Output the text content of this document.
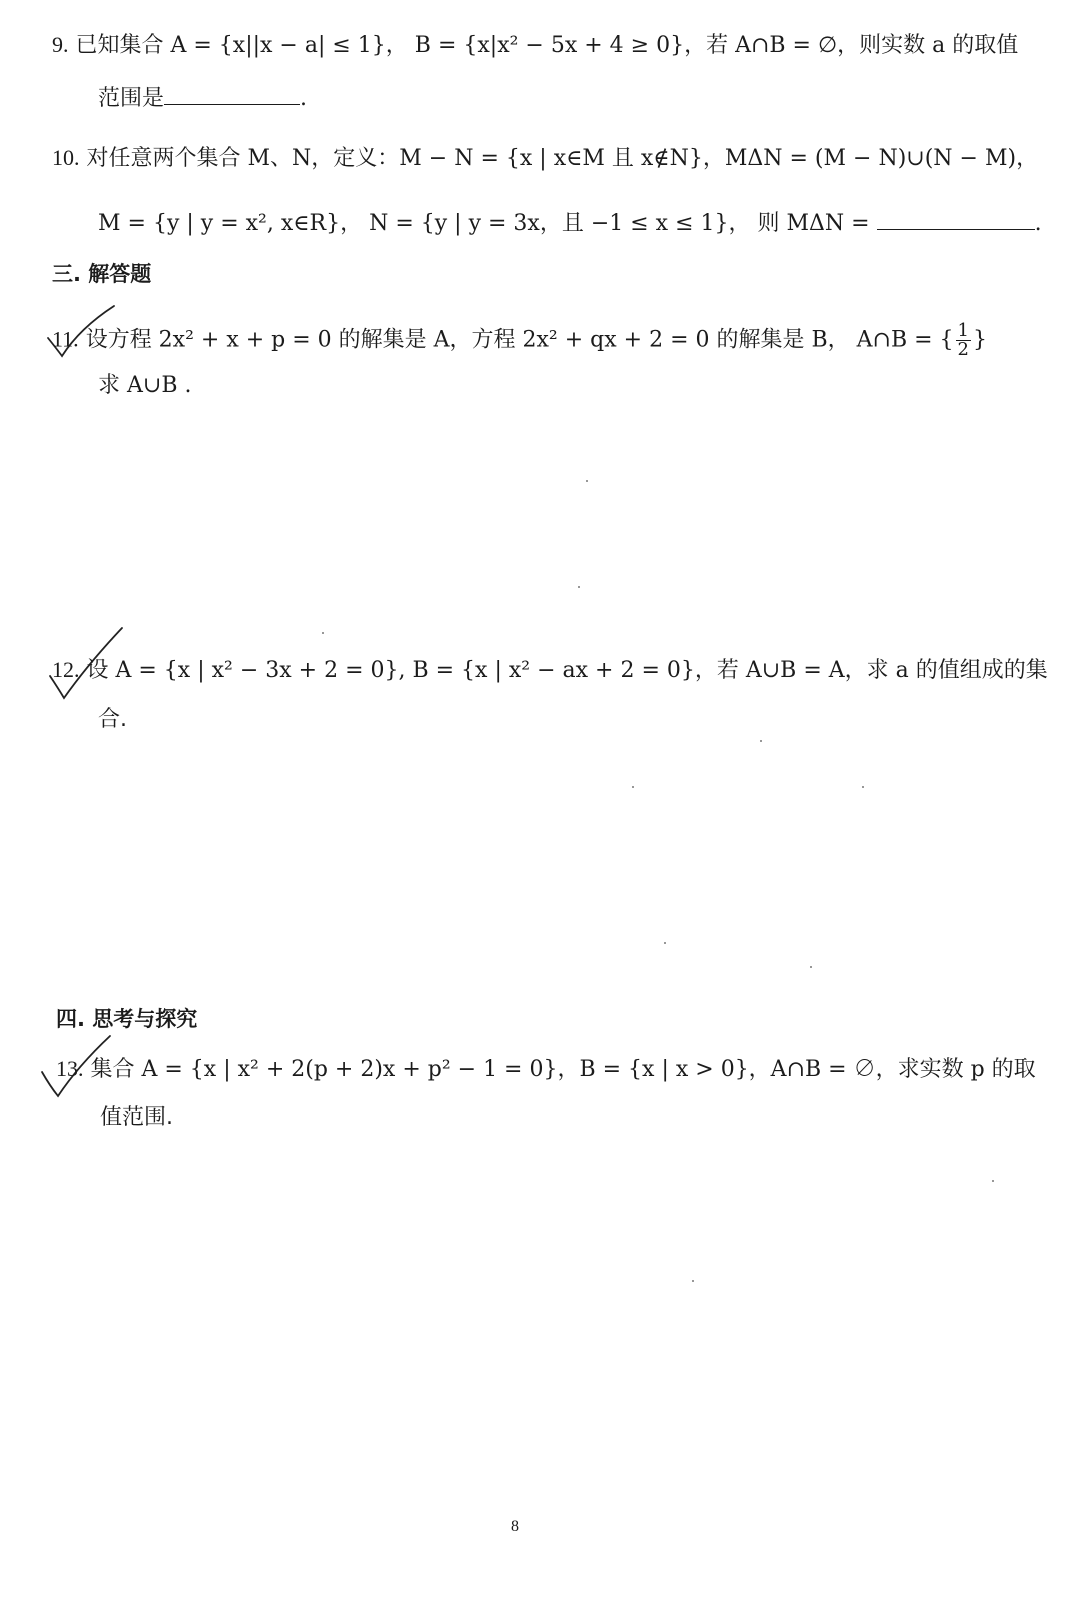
9. 已知集合 A = {x||x − a| ≤ 1}， B = {x|x² − 5x + 4 ≥ 0}，若 A∩B = ∅，则实数 a 的取值
范围是	.
10. 对任意两个集合 M、N，定义：M − N = {x | x∈M 且 x∉N}，MΔN = (M − N)∪(N − M)，
M = {y | y = x², x∈R}， N = {y | y = 3x，且 −1 ≤ x ≤ 1}， 则 MΔN =	.
三. 解答题
11. 设方程 2x² + x + p = 0 的解集是 A，方程 2x² + qx + 2 = 0 的解集是 B， A∩B = { $\frac{1}{2}$ }
求 A∪B .
12. 设 A = {x | x² − 3x + 2 = 0}, B = {x | x² − ax + 2 = 0}，若 A∪B = A，求 a 的值组成的集
合.
四. 思考与探究
13. 集合 A = {x | x² + 2(p + 2)x + p² − 1 = 0}，B = {x | x > 0}，A∩B = ∅，求实数 p 的取
值范围.
8
